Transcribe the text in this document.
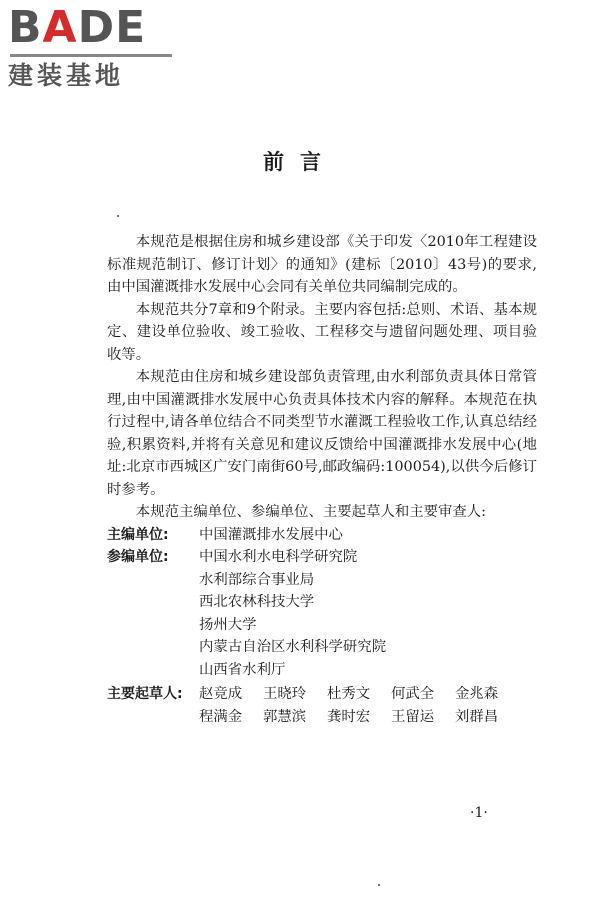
BADE
建装基地
前言

本规范是根据住房和城乡建设部《关于印发〈2010年工程建设标准规范制订、修订计划〉的通知》(建标〔2010〕43号)的要求,由中国灌溉排水发展中心会同有关单位共同编制完成的。

本规范共分7章和9个附录。主要内容包括:总则、术语、基本规定、建设单位验收、竣工验收、工程移交与遗留问题处理、项目验收等。

本规范由住房和城乡建设部负责管理,由水利部负责具体日常管理,由中国灌溉排水发展中心负责具体技术内容的解释。本规范在执行过程中,请各单位结合不同类型节水灌溉工程验收工作,认真总结经验,积累资料,并将有关意见和建议反馈给中国灌溉排水发展中心(地址:北京市西城区广安门南街60号,邮政编码:100054),以供今后修订时参考。

本规范主编单位、参编单位、主要起草人和主要审查人:

主编单位:	中国灌溉排水发展中心
参编单位:	中国水利水电科学研究院
水利部综合事业局
西北农林科技大学
扬州大学
内蒙古自治区水利科学研究院
山西省水利厅
主要起草人:	赵竞成	王晓玲	杜秀文	何武全	金兆森
程满金	郭慧滨	龚时宏	王留运	刘群昌
·1·
